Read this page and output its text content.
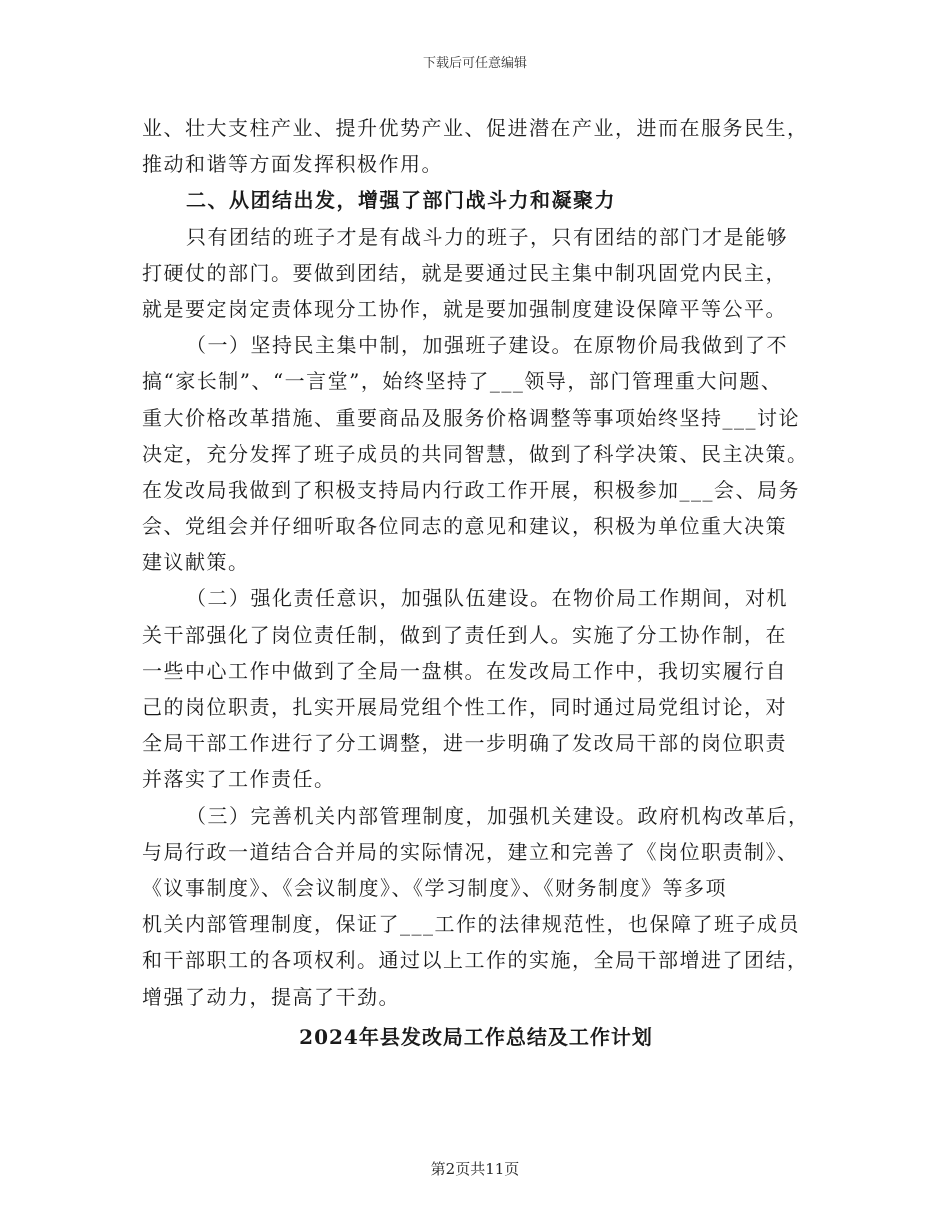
下载后可任意编辑
业、壮大支柱产业、提升优势产业、促进潜在产业，进而在服务民生，
推动和谐等方面发挥积极作用。
二、从团结出发，增强了部门战斗力和凝聚力
只有团结的班子才是有战斗力的班子，只有团结的部门才是能够
打硬仗的部门。要做到团结，就是要通过民主集中制巩固党内民主，
就是要定岗定责体现分工协作，就是要加强制度建设保障平等公平。
（一）坚持民主集中制，加强班子建设。在原物价局我做到了不
搞“家长制”、“一言堂”，始终坚持了___领导，部门管理重大问题、
重大价格改革措施、重要商品及服务价格调整等事项始终坚持___讨论
决定，充分发挥了班子成员的共同智慧，做到了科学决策、民主决策。
在发改局我做到了积极支持局内行政工作开展，积极参加___会、局务
会、党组会并仔细听取各位同志的意见和建议，积极为单位重大决策
建议献策。
（二）强化责任意识，加强队伍建设。在物价局工作期间，对机
关干部强化了岗位责任制，做到了责任到人。实施了分工协作制，在
一些中心工作中做到了全局一盘棋。在发改局工作中，我切实履行自
己的岗位职责，扎实开展局党组个性工作，同时通过局党组讨论，对
全局干部工作进行了分工调整，进一步明确了发改局干部的岗位职责
并落实了工作责任。
（三）完善机关内部管理制度，加强机关建设。政府机构改革后，
与局行政一道结合合并局的实际情况，建立和完善了《岗位职责制》、
《议事制度》、《会议制度》、《学习制度》、《财务制度》等多项
机关内部管理制度，保证了___工作的法律规范性，也保障了班子成员
和干部职工的各项权利。通过以上工作的实施，全局干部增进了团结，
增强了动力，提高了干劲。
2024年县发改局工作总结及工作计划
第2页共11页
